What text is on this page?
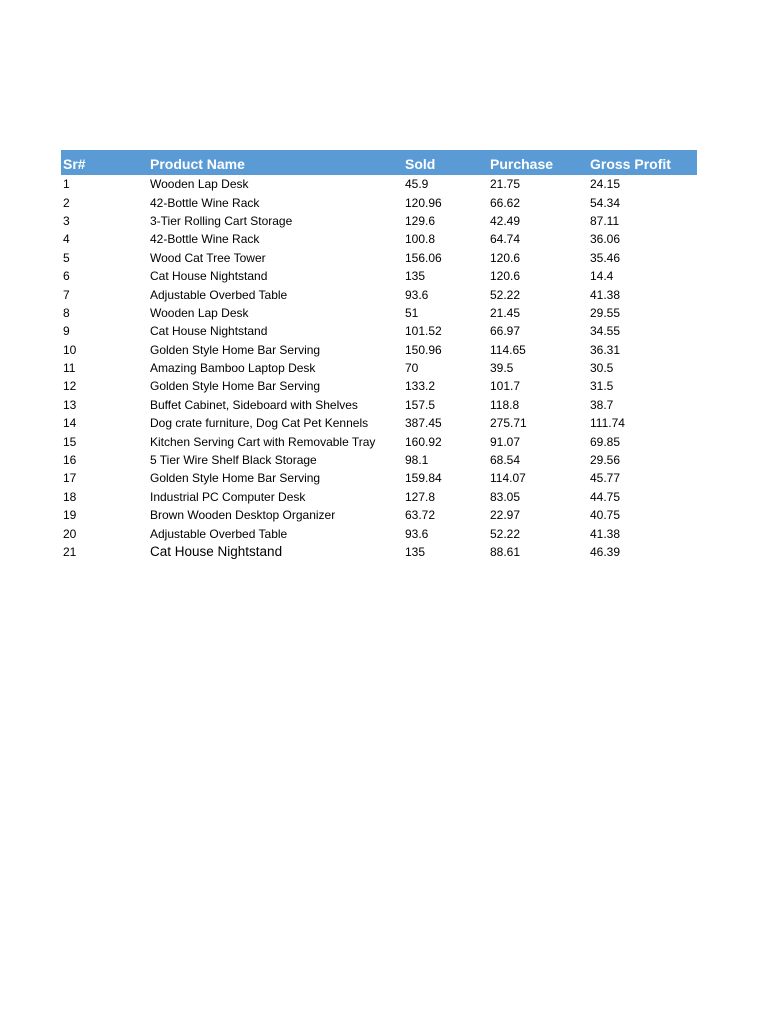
Sr#	Product Name	Sold	Purchase	Gross Profit
1	Wooden Lap Desk	45.9	21.75	24.15
2	42-Bottle Wine Rack	120.96	66.62	54.34
3	3-Tier Rolling Cart Storage	129.6	42.49	87.11
4	42-Bottle Wine Rack	100.8	64.74	36.06
5	Wood Cat Tree Tower	156.06	120.6	35.46
6	Cat House Nightstand	135	120.6	14.4
7	Adjustable Overbed Table	93.6	52.22	41.38
8	Wooden Lap Desk	51	21.45	29.55
9	Cat House Nightstand	101.52	66.97	34.55
10	Golden Style Home Bar Serving	150.96	114.65	36.31
11	Amazing Bamboo Laptop Desk	70	39.5	30.5
12	Golden Style Home Bar Serving	133.2	101.7	31.5
13	Buffet Cabinet, Sideboard with Shelves	157.5	118.8	38.7
14	Dog crate furniture, Dog Cat Pet Kennels	387.45	275.71	111.74
15	Kitchen Serving Cart with Removable Tray	160.92	91.07	69.85
16	5 Tier Wire Shelf Black Storage	98.1	68.54	29.56
17	Golden Style Home Bar Serving	159.84	114.07	45.77
18	Industrial PC Computer Desk	127.8	83.05	44.75
19	Brown Wooden Desktop Organizer	63.72	22.97	40.75
20	Adjustable Overbed Table	93.6	52.22	41.38
21	Cat House Nightstand	135	88.61	46.39
